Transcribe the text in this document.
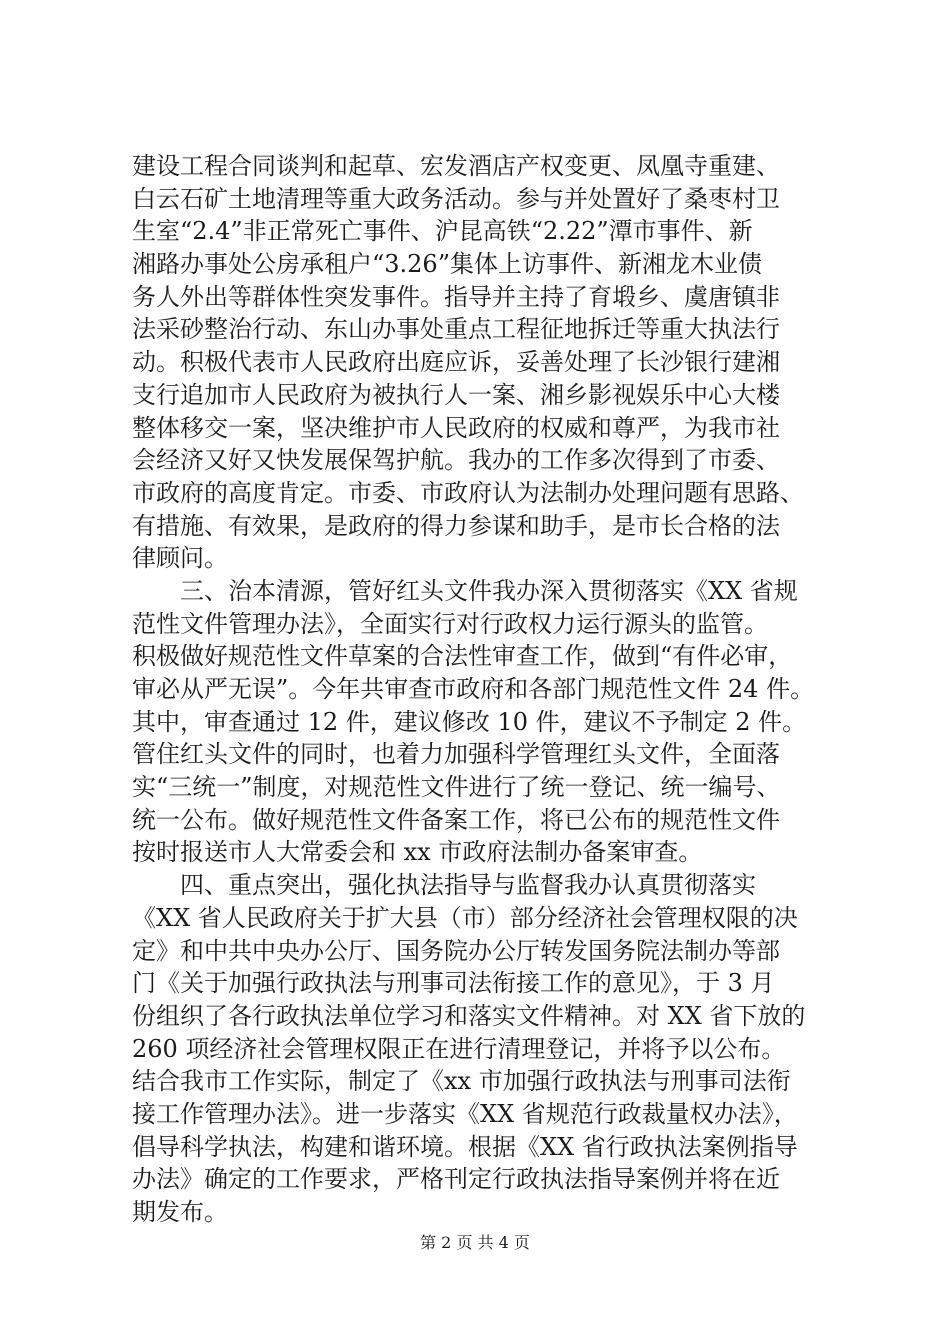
建设工程合同谈判和起草、宏发酒店产权变更、凤凰寺重建、
白云石矿土地清理等重大政务活动。参与并处置好了桑枣村卫
生室“2.4”非正常死亡事件、沪昆高铁“2.22”潭市事件、新
湘路办事处公房承租户“3.26”集体上访事件、新湘龙木业债
务人外出等群体性突发事件。指导并主持了育塅乡、虞唐镇非
法采砂整治行动、东山办事处重点工程征地拆迁等重大执法行
动。积极代表市人民政府出庭应诉，妥善处理了长沙银行建湘
支行追加市人民政府为被执行人一案、湘乡影视娱乐中心大楼
整体移交一案，坚决维护市人民政府的权威和尊严，为我市社
会经济又好又快发展保驾护航。我办的工作多次得到了市委、
市政府的高度肯定。市委、市政府认为法制办处理问题有思路、
有措施、有效果，是政府的得力参谋和助手，是市长合格的法
律顾问。
　　三、治本清源，管好红头文件我办深入贯彻落实《XX 省规
范性文件管理办法》，全面实行对行政权力运行源头的监管。
积极做好规范性文件草案的合法性审查工作，做到“有件必审，
审必从严无误”。今年共审查市政府和各部门规范性文件 24 件。
其中，审查通过 12 件，建议修改 10 件，建议不予制定 2 件。
管住红头文件的同时，也着力加强科学管理红头文件，全面落
实“三统一”制度，对规范性文件进行了统一登记、统一编号、
统一公布。做好规范性文件备案工作，将已公布的规范性文件
按时报送市人大常委会和 xx 市政府法制办备案审查。
　　四、重点突出，强化执法指导与监督我办认真贯彻落实
《XX 省人民政府关于扩大县（市）部分经济社会管理权限的决
定》和中共中央办公厅、国务院办公厅转发国务院法制办等部
门《关于加强行政执法与刑事司法衔接工作的意见》，于 3 月
份组织了各行政执法单位学习和落实文件精神。对 XX 省下放的
260 项经济社会管理权限正在进行清理登记，并将予以公布。
结合我市工作实际，制定了《xx 市加强行政执法与刑事司法衔
接工作管理办法》。进一步落实《XX 省规范行政裁量权办法》，
倡导科学执法，构建和谐环境。根据《XX 省行政执法案例指导
办法》确定的工作要求，严格刊定行政执法指导案例并将在近
期发布。
第 2 页 共 4 页
